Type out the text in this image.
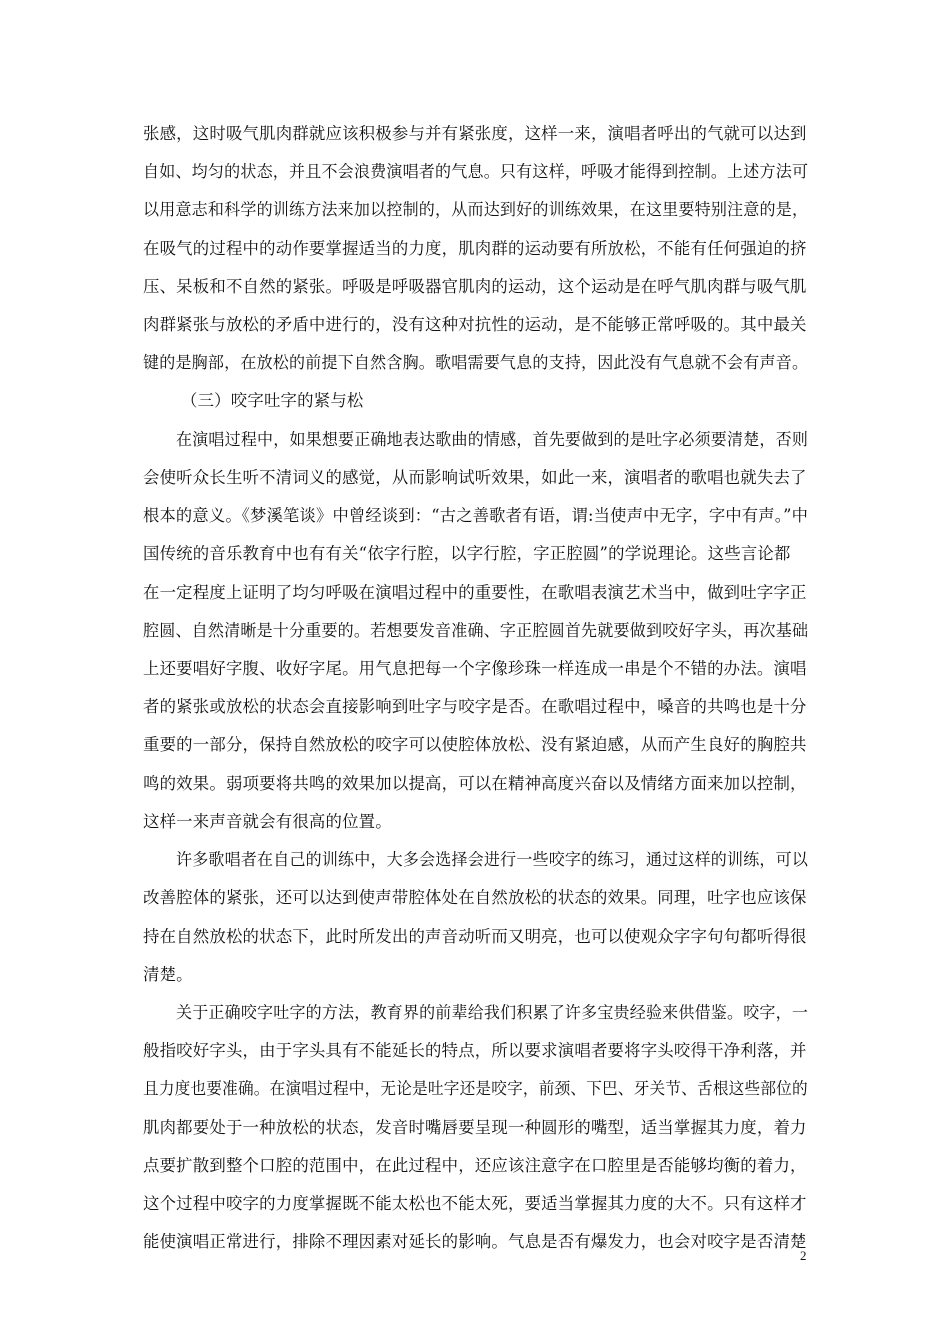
张感，这时吸气肌肉群就应该积极参与并有紧张度，这样一来，演唱者呼出的气就可以达到
自如、均匀的状态，并且不会浪费演唱者的气息。只有这样，呼吸才能得到控制。上述方法可
以用意志和科学的训练方法来加以控制的，从而达到好的训练效果，在这里要特别注意的是，
在吸气的过程中的动作要掌握适当的力度，肌肉群的运动要有所放松，不能有任何强迫的挤
压、呆板和不自然的紧张。呼吸是呼吸器官肌肉的运动，这个运动是在呼气肌肉群与吸气肌
肉群紧张与放松的矛盾中进行的，没有这种对抗性的运动，是不能够正常呼吸的。其中最关
键的是胸部，在放松的前提下自然含胸。歌唱需要气息的支持，因此没有气息就不会有声音。
（三）咬字吐字的紧与松
在演唱过程中，如果想要正确地表达歌曲的情感，首先要做到的是吐字必须要清楚，否则
会使听众长生听不清词义的感觉，从而影响试听效果，如此一来，演唱者的歌唱也就失去了
根本的意义。《梦溪笔谈》中曾经谈到：“古之善歌者有语，谓:当使声中无字，字中有声。”中
国传统的音乐教育中也有有关“依字行腔，以字行腔，字正腔圆”的学说理论。这些言论都
在一定程度上证明了均匀呼吸在演唱过程中的重要性，在歌唱表演艺术当中，做到吐字字正
腔圆、自然清晰是十分重要的。若想要发音准确、字正腔圆首先就要做到咬好字头，再次基础
上还要唱好字腹、收好字尾。用气息把每一个字像珍珠一样连成一串是个不错的办法。演唱
者的紧张或放松的状态会直接影响到吐字与咬字是否。在歌唱过程中，嗓音的共鸣也是十分
重要的一部分，保持自然放松的咬字可以使腔体放松、没有紧迫感，从而产生良好的胸腔共
鸣的效果。弱项要将共鸣的效果加以提高，可以在精神高度兴奋以及情绪方面来加以控制，
这样一来声音就会有很高的位置。
许多歌唱者在自己的训练中，大多会选择会进行一些咬字的练习，通过这样的训练，可以
改善腔体的紧张，还可以达到使声带腔体处在自然放松的状态的效果。同理，吐字也应该保
持在自然放松的状态下，此时所发出的声音动听而又明亮，也可以使观众字字句句都听得很
清楚。
关于正确咬字吐字的方法，教育界的前辈给我们积累了许多宝贵经验来供借鉴。咬字，一
般指咬好字头，由于字头具有不能延长的特点，所以要求演唱者要将字头咬得干净利落，并
且力度也要准确。在演唱过程中，无论是吐字还是咬字，前颈、下巴、牙关节、舌根这些部位的
肌肉都要处于一种放松的状态，发音时嘴唇要呈现一种圆形的嘴型，适当掌握其力度，着力
点要扩散到整个口腔的范围中，在此过程中，还应该注意字在口腔里是否能够均衡的着力，
这个过程中咬字的力度掌握既不能太松也不能太死，要适当掌握其力度的大不。只有这样才
能使演唱正常进行，排除不理因素对延长的影响。气息是否有爆发力，也会对咬字是否清楚
2
